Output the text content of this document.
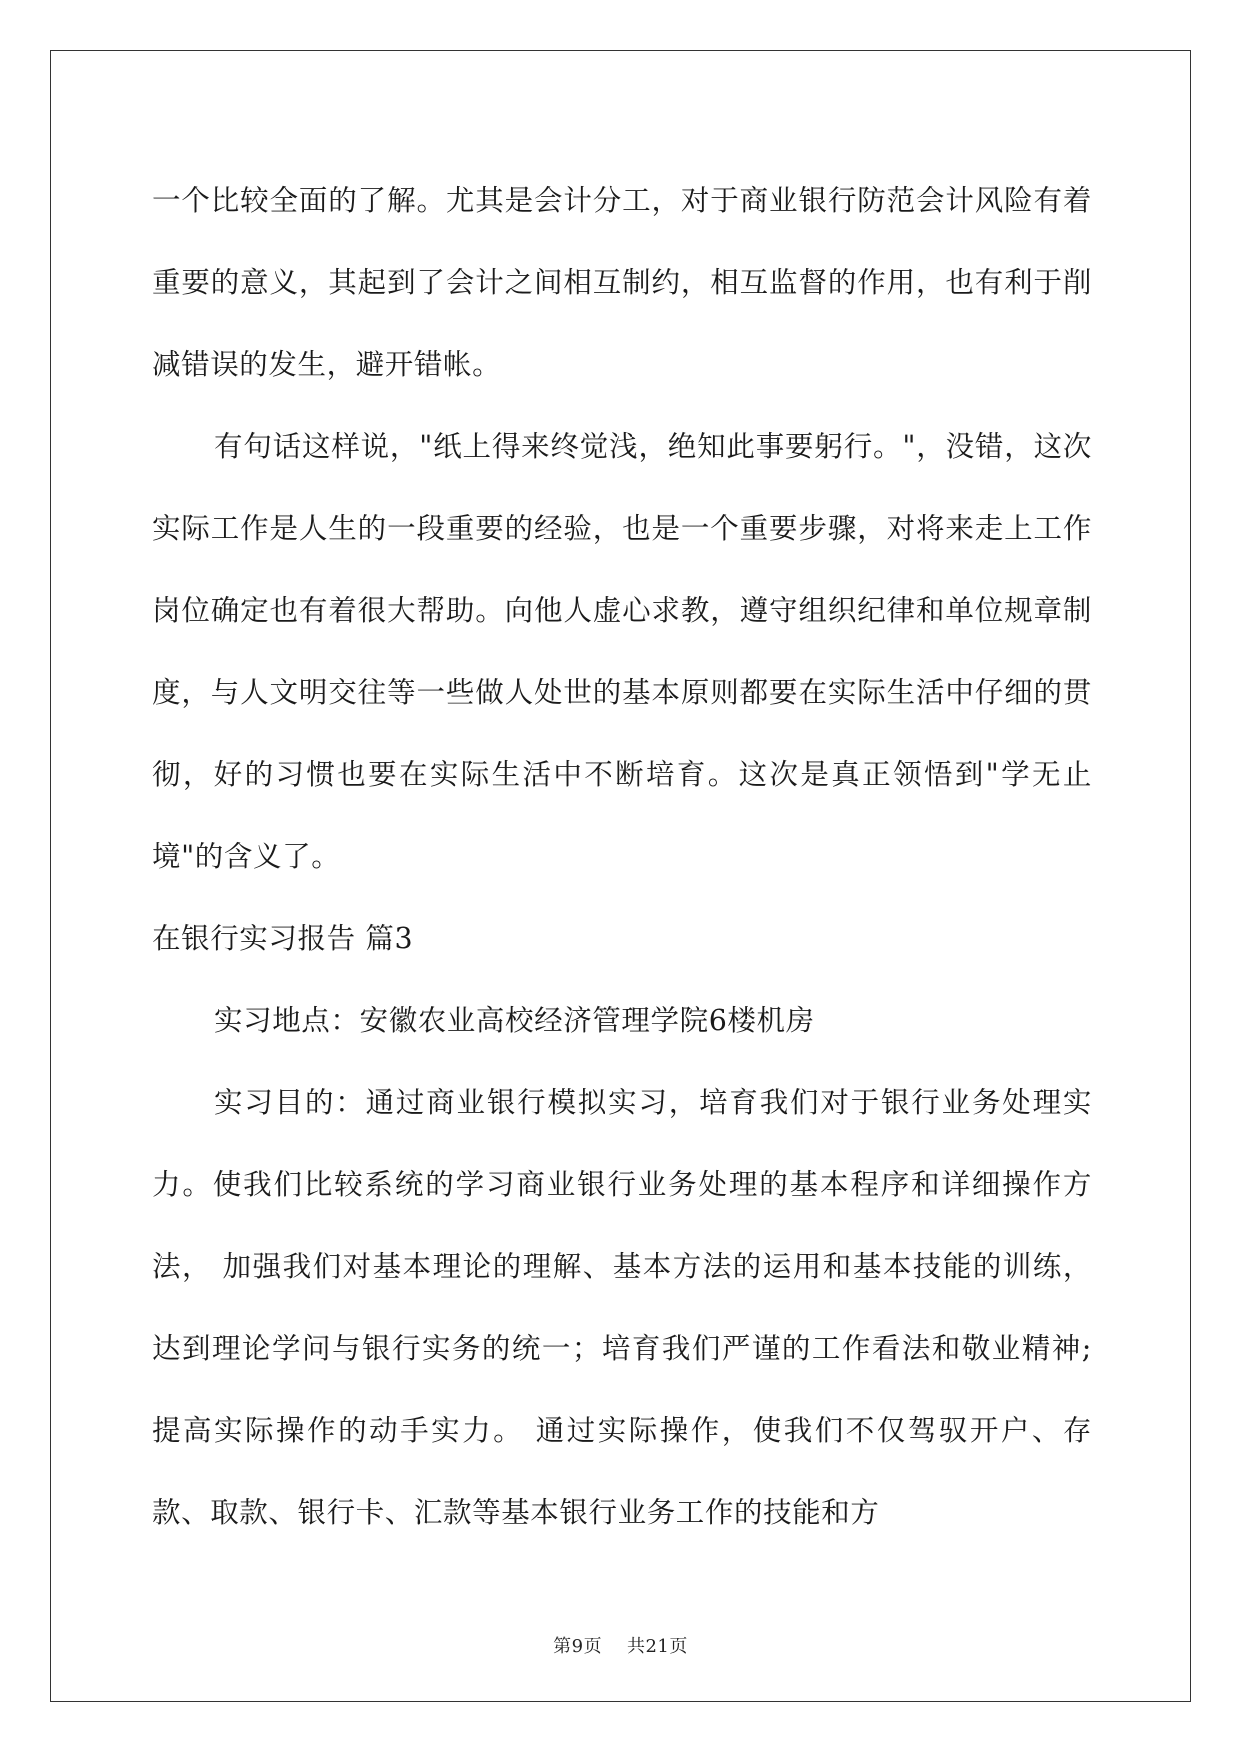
一个比较全面的了解。尤其是会计分工，对于商业银行防范会计风险有着重要的意义，其起到了会计之间相互制约，相互监督的作用，也有利于削减错误的发生，避开错帐。

有句话这样说，"纸上得来终觉浅，绝知此事要躬行。"，没错，这次实际工作是人生的一段重要的经验，也是一个重要步骤，对将来走上工作岗位确定也有着很大帮助。向他人虚心求教，遵守组织纪律和单位规章制度，与人文明交往等一些做人处世的基本原则都要在实际生活中仔细的贯彻，好的习惯也要在实际生活中不断培育。这次是真正领悟到"学无止境"的含义了。

在银行实习报告 篇3

实习地点：安徽农业高校经济管理学院6楼机房

实习目的：通过商业银行模拟实习，培育我们对于银行业务处理实力。使我们比较系统的学习商业银行业务处理的基本程序和详细操作方法， 加强我们对基本理论的理解、基本方法的运用和基本技能的训练，达到理论学问与银行实务的统一；培育我们严谨的工作看法和敬业精神;提高实际操作的动手实力。 通过实际操作，使我们不仅驾驭开户、存款、取款、银行卡、汇款等基本银行业务工作的技能和方

第9页 共21页
